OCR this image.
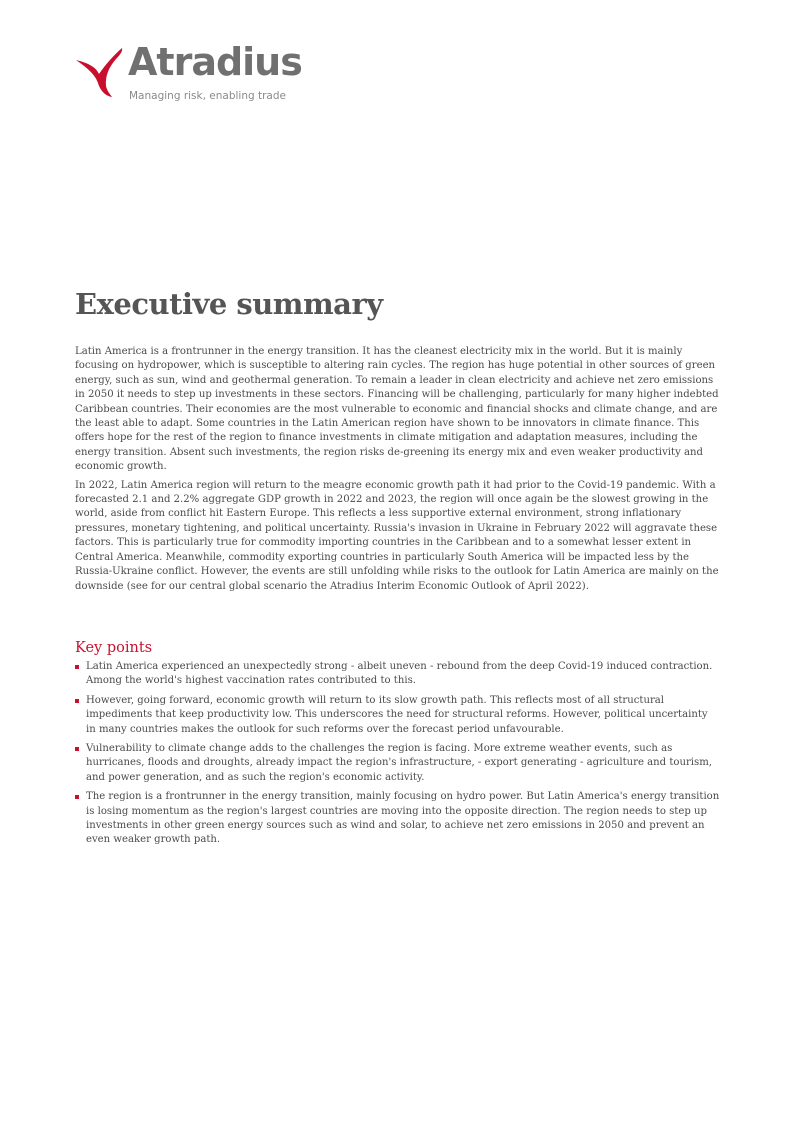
Atradius
Managing risk, enabling trade
Executive summary

Latin America is a frontrunner in the energy transition. It has the cleanest electricity mix in the world. But it is mainly focusing on hydropower, which is susceptible to altering rain cycles. The region has huge potential in other sources of green energy, such as sun, wind and geothermal generation. To remain a leader in clean electricity and achieve net zero emissions in 2050 it needs to step up investments in these sectors. Financing will be challenging, particularly for many higher indebted Caribbean countries. Their economies are the most vulnerable to economic and financial shocks and climate change, and are the least able to adapt. Some countries in the Latin American region have shown to be innovators in climate finance. This offers hope for the rest of the region to finance investments in climate mitigation and adaptation measures, including the energy transition. Absent such investments, the region risks de-greening its energy mix and even weaker productivity and economic growth.

In 2022, Latin America region will return to the meagre economic growth path it had prior to the Covid-19 pandemic. With a forecasted 2.1 and 2.2% aggregate GDP growth in 2022 and 2023, the region will once again be the slowest growing in the world, aside from conflict hit Eastern Europe. This reflects a less supportive external environment, strong inflationary pressures, monetary tightening, and political uncertainty. Russia's invasion in Ukraine in February 2022 will aggravate these factors. This is particularly true for commodity importing countries in the Caribbean and to a somewhat lesser extent in Central America. Meanwhile, commodity exporting countries in particularly South America will be impacted less by the Russia-Ukraine conflict. However, the events are still unfolding while risks to the outlook for Latin America are mainly on the downside (see for our central global scenario the Atradius Interim Economic Outlook of April 2022).

Key points
Latin America experienced an unexpectedly strong - albeit uneven - rebound from the deep Covid-19 induced contraction. Among the world's highest vaccination rates contributed to this.
However, going forward, economic growth will return to its slow growth path. This reflects most of all structural impediments that keep productivity low. This underscores the need for structural reforms. However, political uncertainty in many countries makes the outlook for such reforms over the forecast period unfavourable.
Vulnerability to climate change adds to the challenges the region is facing. More extreme weather events, such as hurricanes, floods and droughts, already impact the region's infrastructure, - export generating - agriculture and tourism, and power generation, and as such the region's economic activity.
The region is a frontrunner in the energy transition, mainly focusing on hydro power. But Latin America's energy transition is losing momentum as the region's largest countries are moving into the opposite direction. The region needs to step up investments in other green energy sources such as wind and solar, to achieve net zero emissions in 2050 and prevent an even weaker growth path.
